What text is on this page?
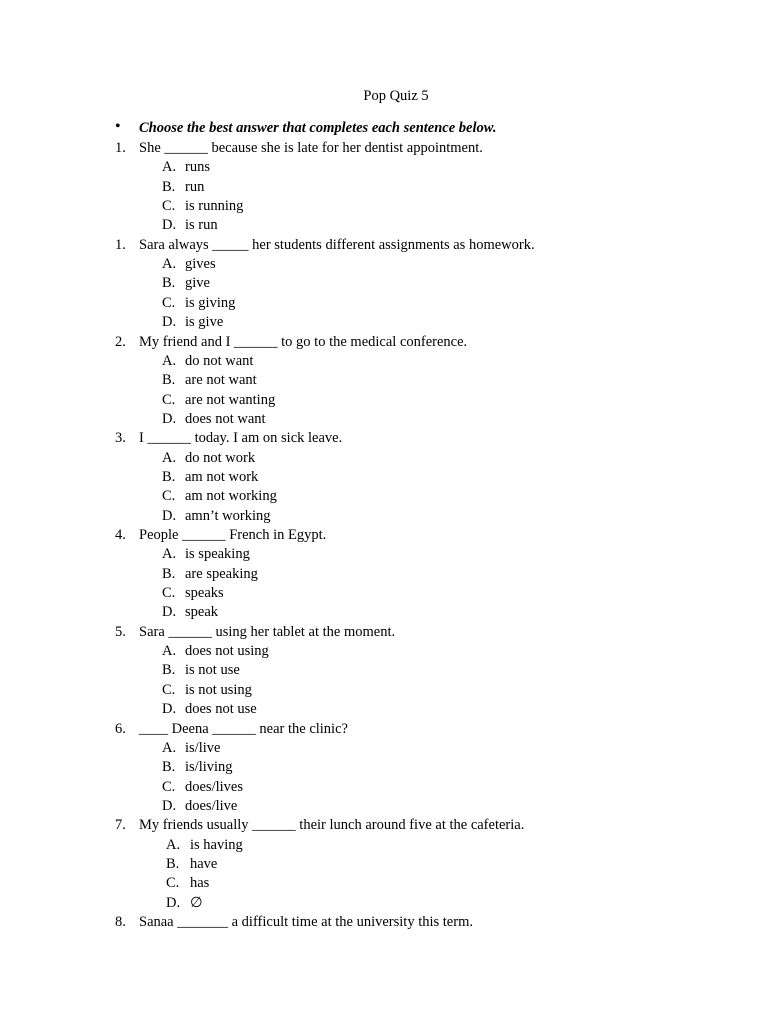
Pop Quiz 5
• Choose the best answer that completes each sentence below.
1. She ______ because she is late for her dentist appointment.
A. runs
B. run
C. is running
D. is run
1. Sara always _____ her students different assignments as homework.
A. gives
B. give
C. is giving
D. is give
2. My friend and I ______ to go to the medical conference.
A. do not want
B. are not want
C. are not wanting
D. does not want
3. I ______ today. I am on sick leave.
A. do not work
B. am not work
C. am not working
D. amn’t working
4. People ______ French in Egypt.
A. is speaking
B. are speaking
C. speaks
D. speak
5. Sara ______ using her tablet at the moment.
A. does not using
B. is not use
C. is not using
D. does not use
6. ____ Deena ______ near the clinic?
A. is/live
B. is/living
C. does/lives
D. does/live
7. My friends usually ______ their lunch around five at the cafeteria.
A. is having
B. have
C. has
D. ∅
8. Sanaa _______ a difficult time at the university this term.
